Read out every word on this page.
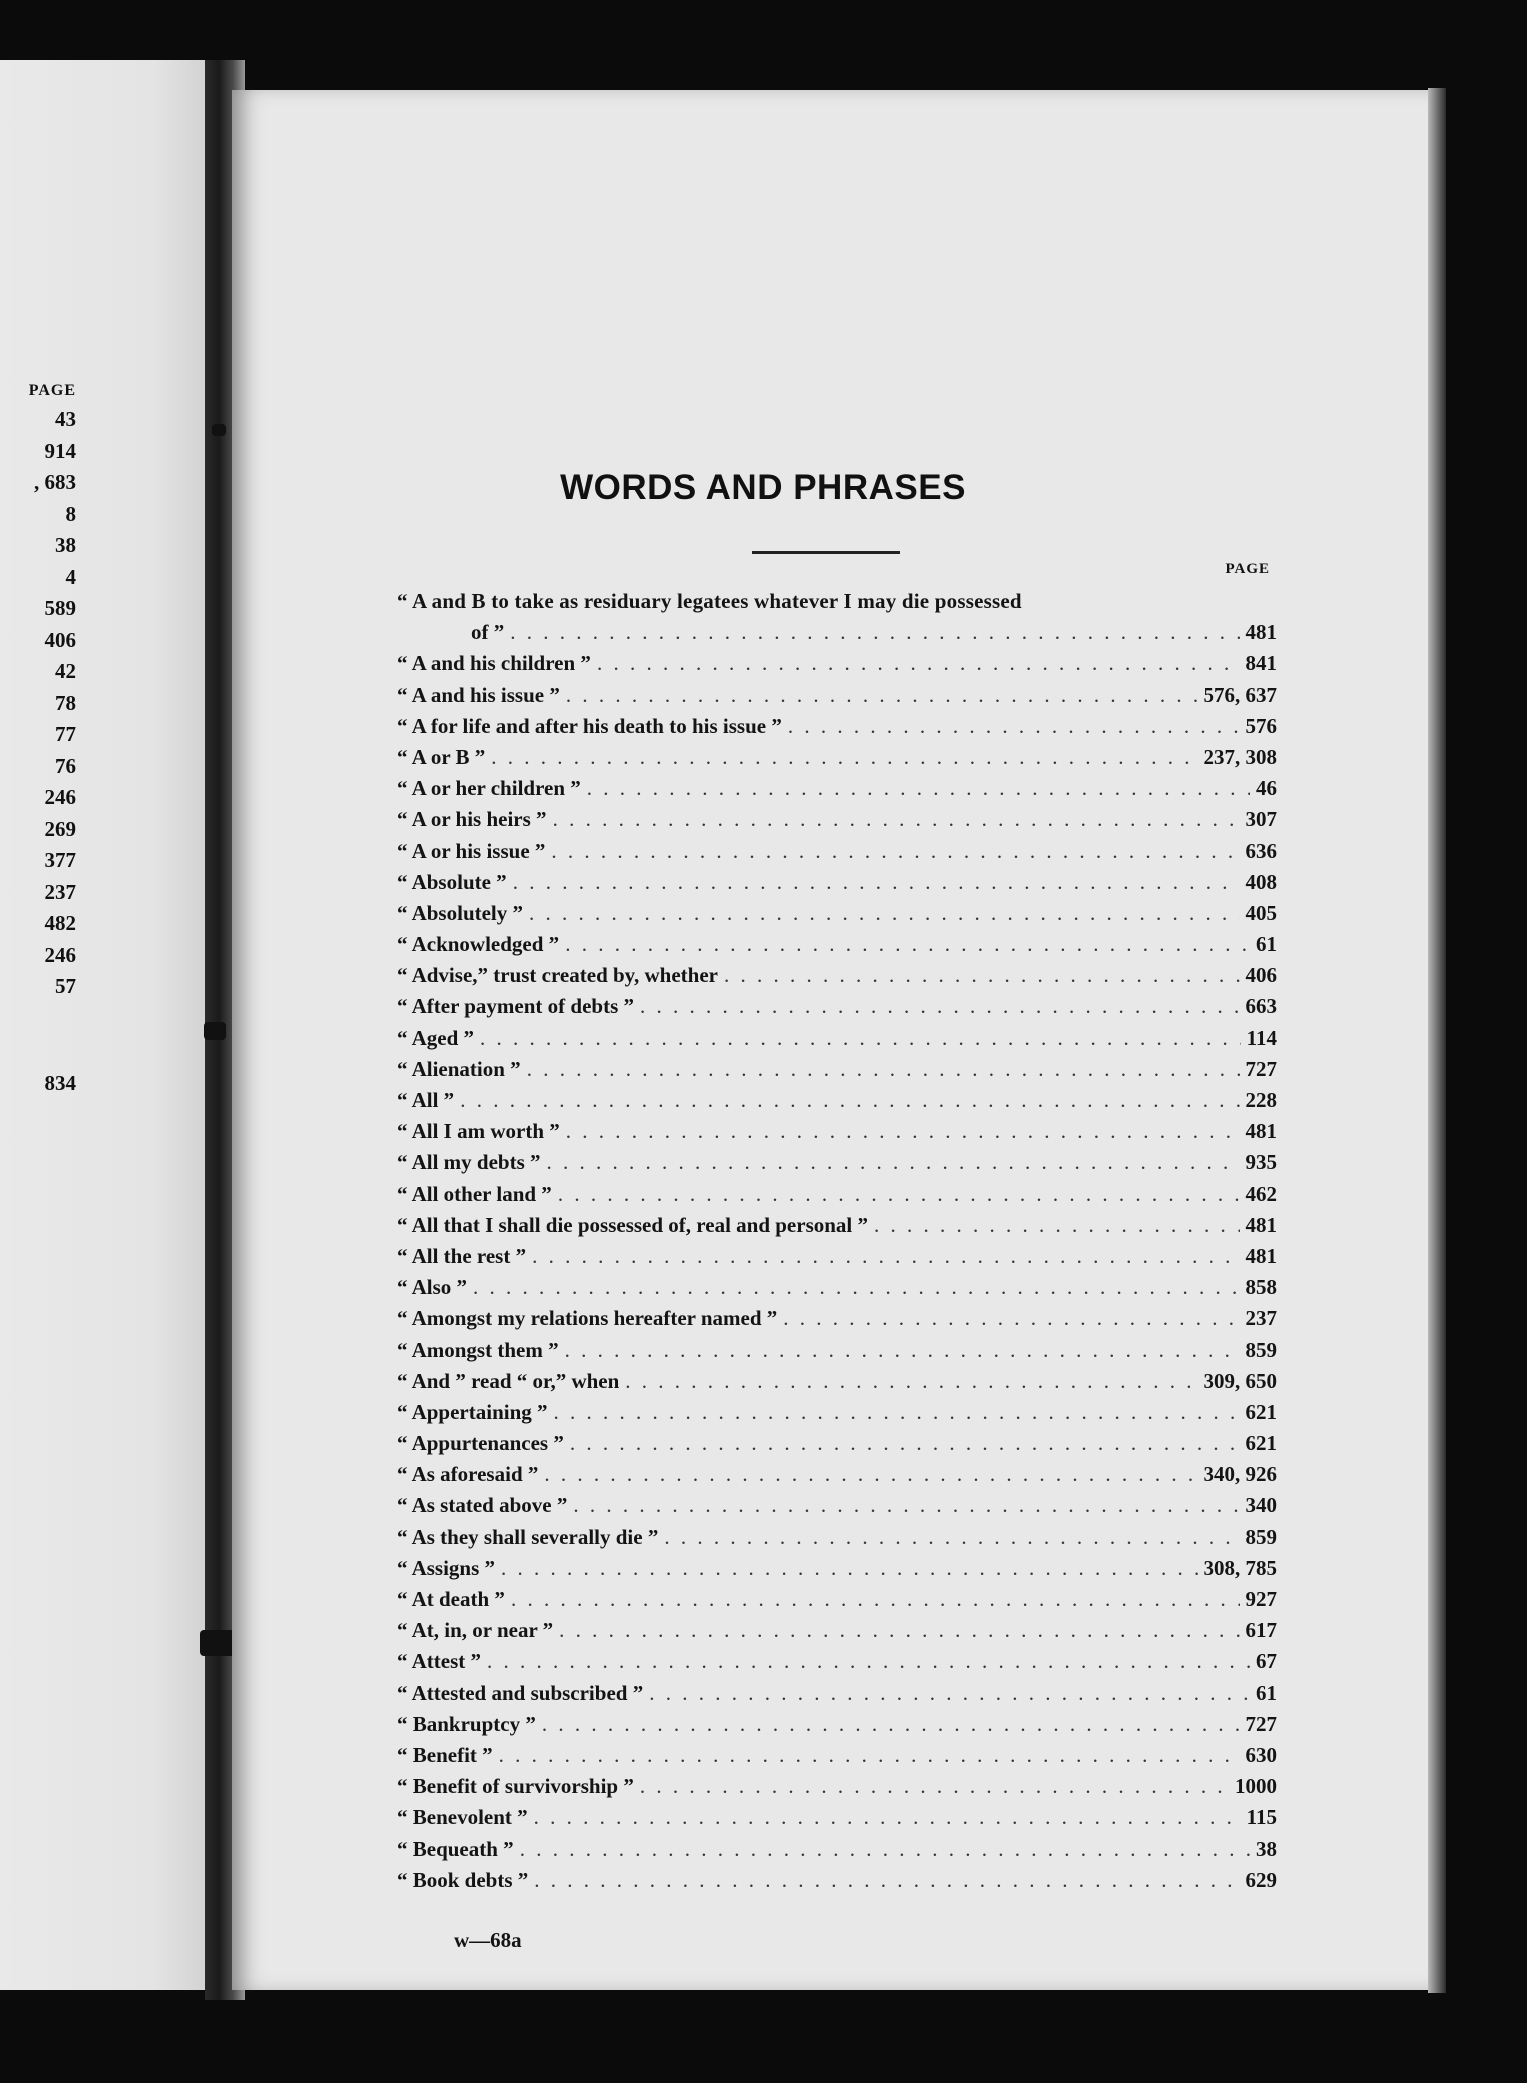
PAGE
43
914
, 683
8
38
4
589
406
42
78
77
76
246
269
377
237
482
246
57
834
WORDS AND PHRASES
PAGE
“ A and B to take as residuary legatees whatever I may die possessed
of ” . . .	481
“ A and his children ” . . .	841
“ A and his issue ” . . .	576, 637
“ A for life and after his death to his issue ” . . .	576
“ A or B ” . . .	237, 308
“ A or her children ” . . .	46
“ A or his heirs ” . . .	307
“ A or his issue ” . . .	636
“ Absolute ” . . .	408
“ Absolutely ” . . .	405
“ Acknowledged ” . . .	61
“ Advise,” trust created by, whether . . .	406
“ After payment of debts ” . . .	663
“ Aged ” . . .	114
“ Alienation ” . . .	727
“ All ” . . .	228
“ All I am worth ” . . .	481
“ All my debts ” . . .	935
“ All other land ” . . .	462
“ All that I shall die possessed of, real and personal ” . . .	481
“ All the rest ” . . .	481
“ Also ” . . .	858
“ Amongst my relations hereafter named ” . . .	237
“ Amongst them ” . . .	859
“ And ” read “ or,” when . . .	309, 650
“ Appertaining ” . . .	621
“ Appurtenances ” . . .	621
“ As aforesaid ” . . .	340, 926
“ As stated above ” . . .	340
“ As they shall severally die ” . . .	859
“ Assigns ” . . .	308, 785
“ At death ” . . .	927
“ At, in, or near ” . . .	617
“ Attest ” . . .	67
“ Attested and subscribed ” . . .	61
“ Bankruptcy ” . . .	727
“ Benefit ” . . .	630
“ Benefit of survivorship ” . . .	1000
“ Benevolent ” . . .	115
“ Bequeath ” . . .	38
“ Book debts ” . . .	629
w—68a
